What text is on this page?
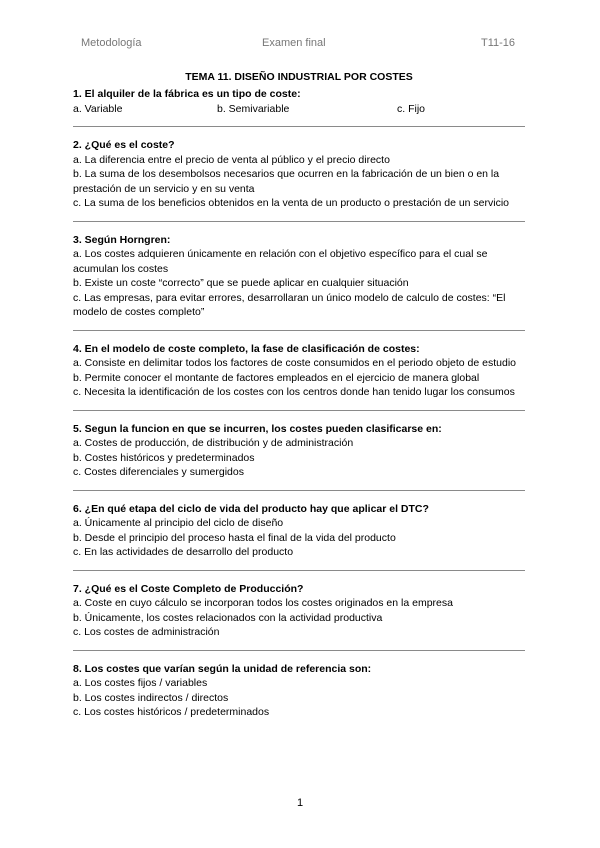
Metodología	Examen final	T11-16
TEMA 11. DISEÑO INDUSTRIAL POR COSTES
1. El alquiler de la fábrica es un tipo de coste:
a. Variable	b. Semivariable	c. Fijo
2. ¿Qué es el coste?
a. La diferencia entre el precio de venta al público y el precio directo
b. La suma de los desembolsos necesarios que ocurren en la fabricación de un bien o en la prestación de un servicio y en su venta
c. La suma de los beneficios obtenidos en la venta de un producto o prestación de un servicio
3. Según Horngren:
a. Los costes adquieren únicamente en relación con el objetivo específico para el cual se acumulan los costes
b. Existe un coste “correcto” que se puede aplicar en cualquier situación
c. Las empresas, para evitar errores, desarrollaran un único modelo de calculo de costes: “El modelo de costes completo”
4. En el modelo de coste completo, la fase de clasificación de costes:
a. Consiste en delimitar todos los factores de coste consumidos en el periodo objeto de estudio
b. Permite conocer el montante de factores empleados en el ejercicio de manera global
c. Necesita la identificación de los costes con los centros donde han tenido lugar los consumos
5. Segun la funcion en que se incurren, los costes pueden clasificarse en:
a. Costes de producción, de distribución y de administración
b. Costes históricos y predeterminados
c. Costes diferenciales y sumergidos
6. ¿En qué etapa del ciclo de vida del producto hay que aplicar el DTC?
a. Únicamente al principio del ciclo de diseño
b. Desde el principio del proceso hasta el final de la vida del producto
c. En las actividades de desarrollo del producto
7. ¿Qué es el Coste Completo de Producción?
a. Coste en cuyo cálculo se incorporan todos los costes originados en la empresa
b. Únicamente, los costes relacionados con la actividad productiva
c. Los costes de administración
8. Los costes que varían según la unidad de referencia son:
a. Los costes fijos / variables
b. Los costes indirectos / directos
c. Los costes históricos / predeterminados
1
